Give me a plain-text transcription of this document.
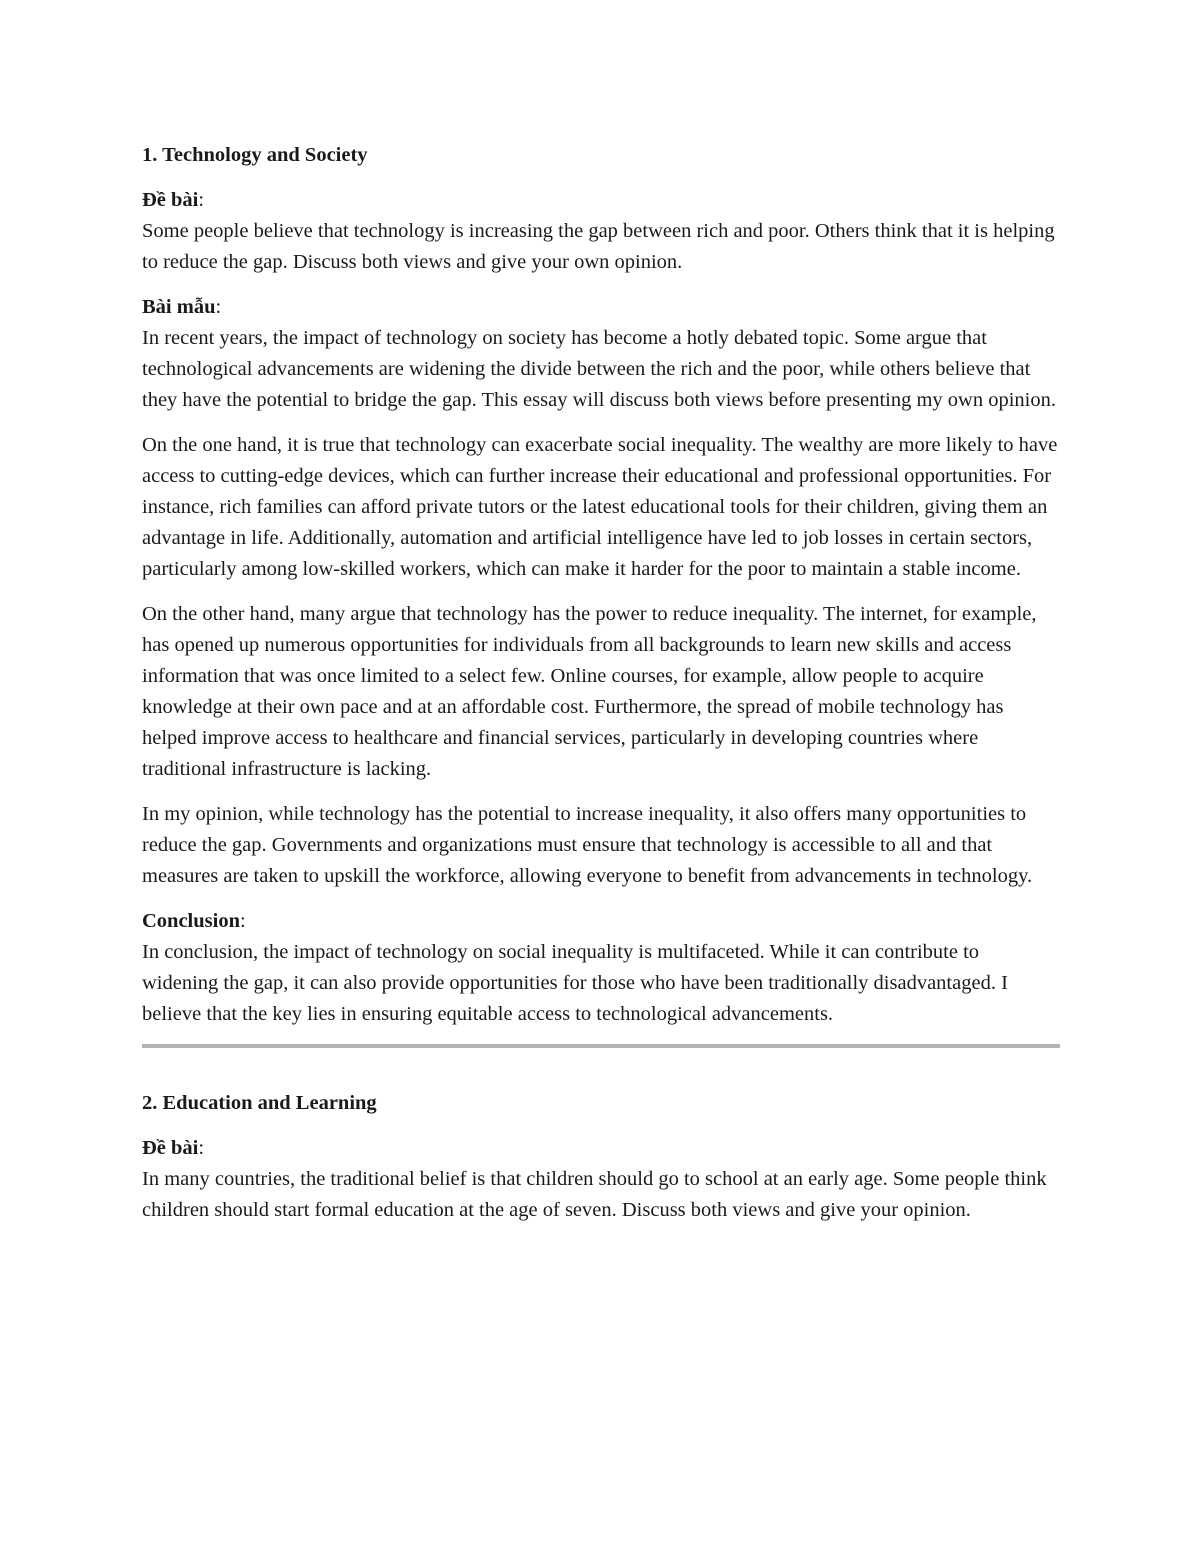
1. Technology and Society
Đề bài:

Some people believe that technology is increasing the gap between rich and poor. Others think that it is helping to reduce the gap. Discuss both views and give your own opinion.

Bài mẫu:

In recent years, the impact of technology on society has become a hotly debated topic. Some argue that technological advancements are widening the divide between the rich and the poor, while others believe that they have the potential to bridge the gap. This essay will discuss both views before presenting my own opinion.

On the one hand, it is true that technology can exacerbate social inequality. The wealthy are more likely to have access to cutting-edge devices, which can further increase their educational and professional opportunities. For instance, rich families can afford private tutors or the latest educational tools for their children, giving them an advantage in life. Additionally, automation and artificial intelligence have led to job losses in certain sectors, particularly among low-skilled workers, which can make it harder for the poor to maintain a stable income.

On the other hand, many argue that technology has the power to reduce inequality. The internet, for example, has opened up numerous opportunities for individuals from all backgrounds to learn new skills and access information that was once limited to a select few. Online courses, for example, allow people to acquire knowledge at their own pace and at an affordable cost. Furthermore, the spread of mobile technology has helped improve access to healthcare and financial services, particularly in developing countries where traditional infrastructure is lacking.

In my opinion, while technology has the potential to increase inequality, it also offers many opportunities to reduce the gap. Governments and organizations must ensure that technology is accessible to all and that measures are taken to upskill the workforce, allowing everyone to benefit from advancements in technology.

Conclusion:

In conclusion, the impact of technology on social inequality is multifaceted. While it can contribute to widening the gap, it can also provide opportunities for those who have been traditionally disadvantaged. I believe that the key lies in ensuring equitable access to technological advancements.

2. Education and Learning
Đề bài:

In many countries, the traditional belief is that children should go to school at an early age. Some people think children should start formal education at the age of seven. Discuss both views and give your opinion.
